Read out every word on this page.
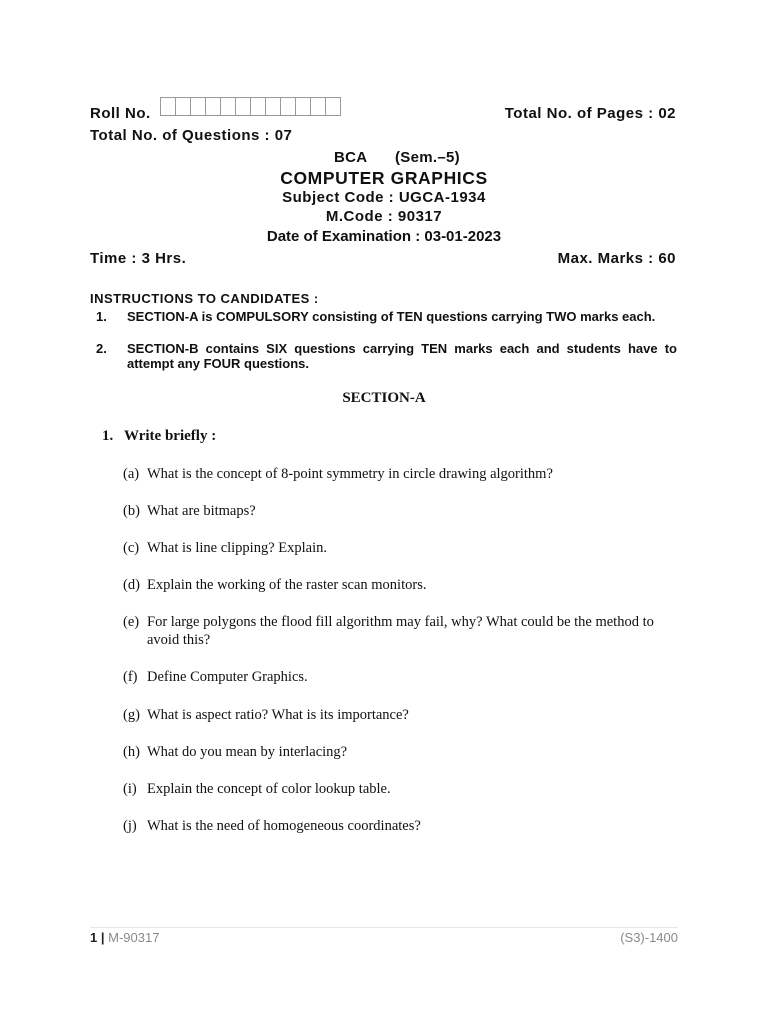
Roll No.	Total No. of Pages : 02
Total No. of Questions : 07
BCA (Sem.–5)
COMPUTER GRAPHICS
Subject Code : UGCA-1934
M.Code : 90317
Date of Examination : 03-01-2023
Time : 3 Hrs.	Max. Marks : 60
INSTRUCTIONS TO CANDIDATES :
1. SECTION-A is COMPULSORY consisting of TEN questions carrying TWO marks each.
2. SECTION-B contains SIX questions carrying TEN marks each and students have to attempt any FOUR questions.
SECTION-A
1. Write briefly :
(a) What is the concept of 8-point symmetry in circle drawing algorithm?
(b) What are bitmaps?
(c) What is line clipping? Explain.
(d) Explain the working of the raster scan monitors.
(e) For large polygons the flood fill algorithm may fail, why? What could be the method to avoid this?
(f) Define Computer Graphics.
(g) What is aspect ratio? What is its importance?
(h) What do you mean by interlacing?
(i) Explain the concept of color lookup table.
(j) What is the need of homogeneous coordinates?
1 | M-90317	(S3)-1400
